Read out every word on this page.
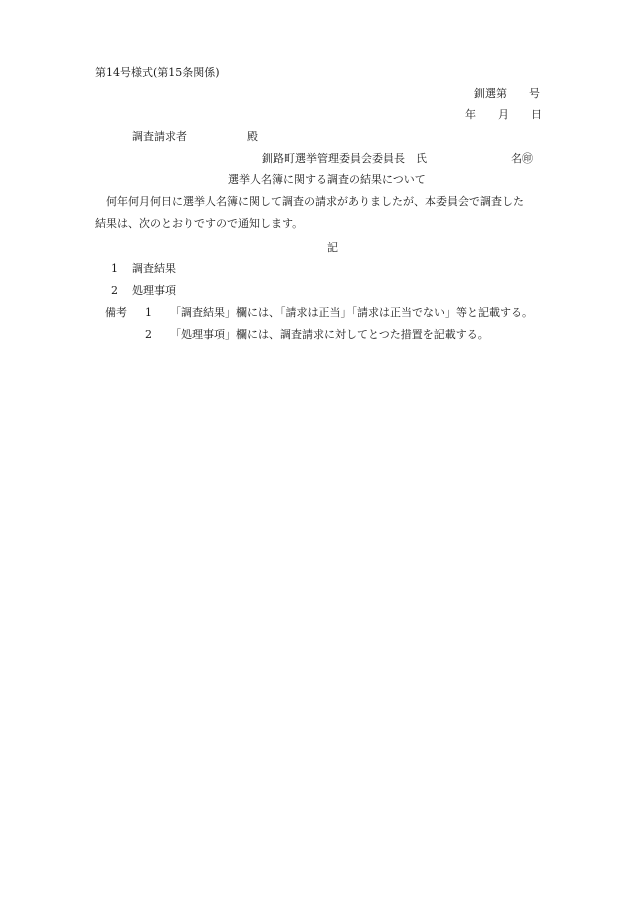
第14号様式(第15条関係)
釧選第　　号
年　　月　　日
調査請求者	殿
釧路町選挙管理委員会委員長　氏	名㊞
選挙人名簿に関する調査の結果について
何年何月何日に選挙人名簿に関して調査の請求がありましたが、本委員会で調査した
結果は、次のとおりですので通知します。
記
1 調査結果
2 処理事項
備考 1 「調査結果」欄には、「請求は正当」「請求は正当でない」等と記載する。
2 「処理事項」欄には、調査請求に対してとつた措置を記載する。
